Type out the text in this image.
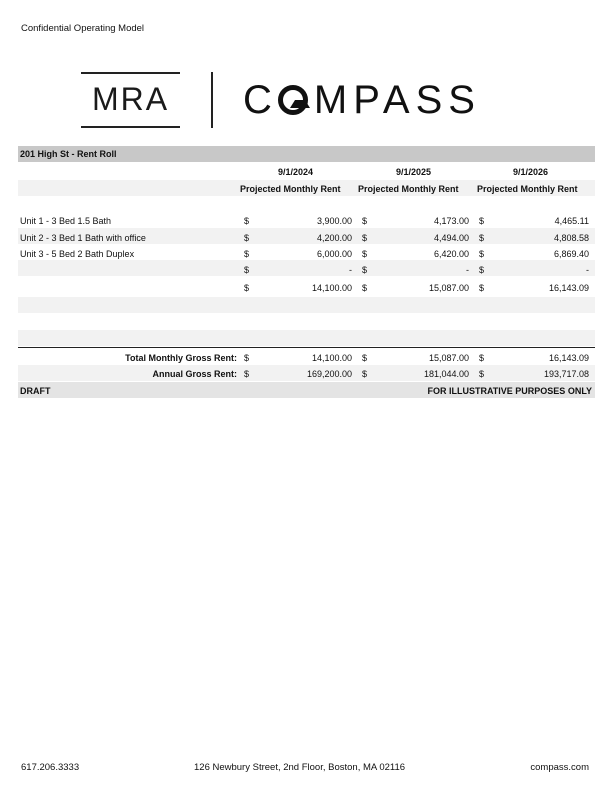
Confidential Operating Model
MRA C MPASS
201 High St - Rent Roll
9/1/2024	9/1/2025	9/1/2026
Projected Monthly Rent Projected Monthly Rent Projected Monthly Rent
Unit 1 - 3 Bed 1.5 Bath	$	3,900.00 $	4,173.00 $	4,465.11
Unit 2 - 3 Bed 1 Bath with office	$	4,200.00 $	4,494.00 $	4,808.58
Unit 3 - 5 Bed 2 Bath Duplex	$	6,000.00 $	6,420.00 $	6,869.40
$	- $	- $	-
$	14,100.00 $	15,087.00 $	16,143.09
Total Monthly Gross Rent: $	14,100.00 $	15,087.00 $	16,143.09
Annual Gross Rent: $	169,200.00 $	181,044.00 $	193,717.08
DRAFT	FOR ILLUSTRATIVE PURPOSES ONLY
617.206.3333	126 Newbury Street, 2nd Floor, Boston, MA 02116	compass.com
